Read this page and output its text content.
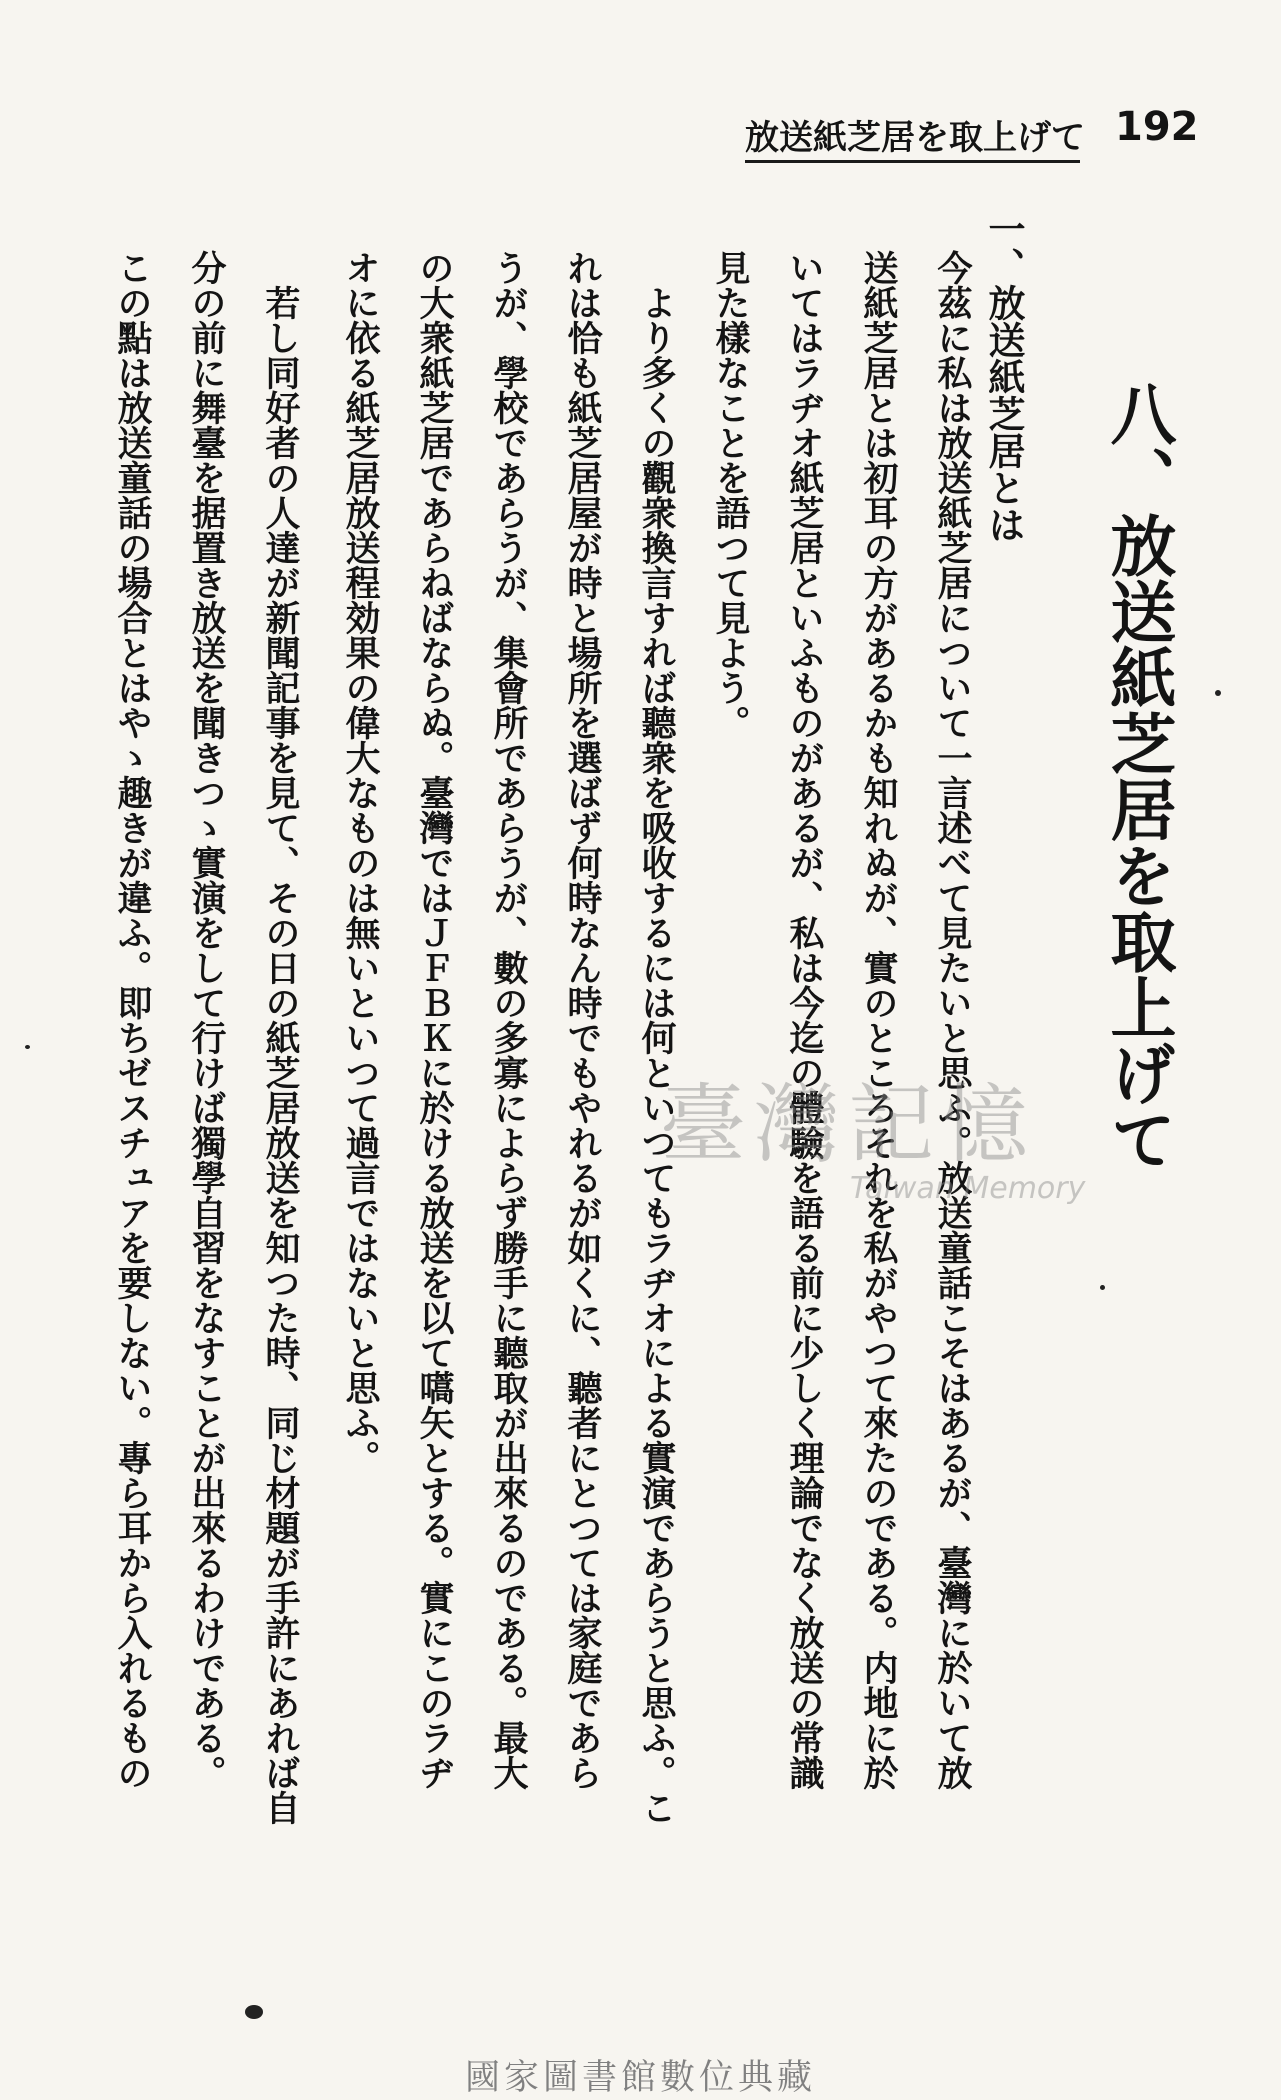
192
放送紙芝居を取上げて
八、放送紙芝居を取上げて
一、放送紙芝居とは
今茲に私は放送紙芝居について一言述べて見たいと思ふ。放送童話こそはあるが、臺灣に於いて放
送紙芝居とは初耳の方があるかも知れぬが、實のところそれを私がやつて來たのである。内地に於
いてはラヂオ紙芝居といふものがあるが、私は今迄の體驗を語る前に少しく理論でなく放送の常識
見た樣なことを語つて見よう。
より多くの觀衆換言すれば聽衆を吸收するには何といつてもラヂオによる實演であらうと思ふ。こ
れは恰も紙芝居屋が時と場所を選ばず何時なん時でもやれるが如くに、聽者にとつては家庭であら
うが、學校であらうが、集會所であらうが、數の多寡によらず勝手に聽取が出來るのである。最大
の大衆紙芝居であらねばならぬ。臺灣ではＪＦＢＫに於ける放送を以て嚆矢とする。實にこのラヂ
オに依る紙芝居放送程効果の偉大なものは無いといつて過言ではないと思ふ。
若し同好者の人達が新聞記事を見て、その日の紙芝居放送を知つた時、同じ材題が手許にあれば自
分の前に舞臺を据置き放送を聞きつゝ實演をして行けば獨學自習をなすことが出來るわけである。
この點は放送童話の場合とはやゝ趣きが違ふ。即ちゼスチュアを要しない。專ら耳から入れるもの	臺灣記憶
Taiwan Memory
國家圖書館數位典藏
